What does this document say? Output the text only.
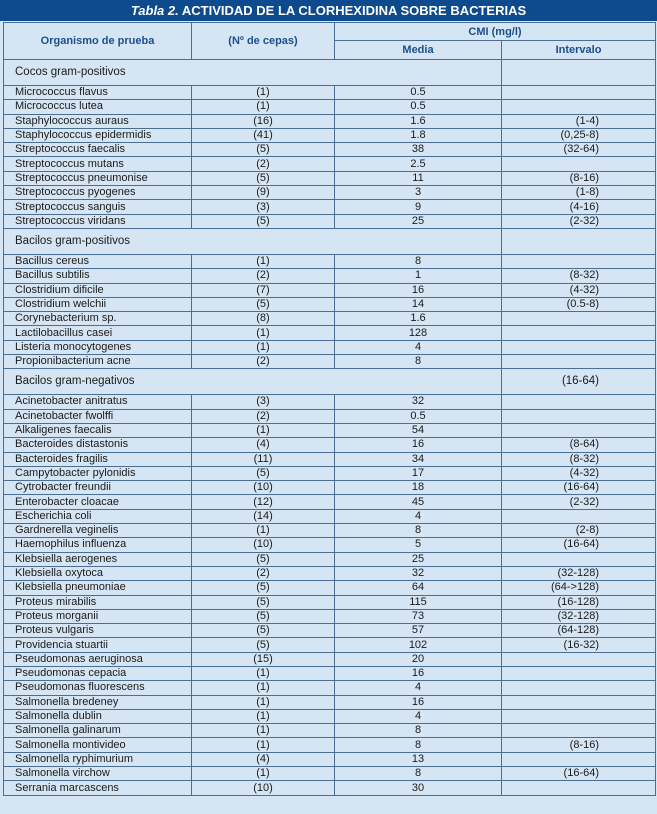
Tabla 2. ACTIVIDAD DE LA CLORHEXIDINA SOBRE BACTERIAS
Organismo de prueba	(Nº de cepas)	CMI (mg/l)	
		Media	Intervalo
Cocos gram-positivos			
Micrococcus flavus	(1)	0.5	
Micrococcus lutea	(1)	0.5	
Staphylococcus auraus	(16)	1.6	(1-4)
Staphylococcus epidermidis	(41)	1.8	(0,25-8)
Streptococcus faecalis	(5)	38	(32-64)
Streptococcus mutans	(2)	2.5	
Streptococcus pneumonise	(5)	11	(8-16)
Streptococcus pyogenes	(9)	3	(1-8)
Streptococcus sanguis	(3)	9	(4-16)
Streptococcus viridans	(5)	25	(2-32)
Bacilos gram-positivos			
Bacillus cereus	(1)	8	
Bacillus subtilis	(2)	1	(8-32)
Clostridium dificile	(7)	16	(4-32)
Clostridium welchii	(5)	14	(0.5-8)
Corynebacterium sp.	(8)	1.6	
Lactilobacillus casei	(1)	128	
Listeria monocytogenes	(1)	4	
Propionibacterium acne	(2)	8	
Bacilos gram-negativos			(16-64)
Acinetobacter anitratus	(3)	32	
Acinetobacter fwolffi	(2)	0.5	
Alkaligenes faecalis	(1)	54	
Bacteroides distastonis	(4)	16	(8-64)
Bacteroides fragilis	(11)	34	(8-32)
Campytobacter pylonidis	(5)	17	(4-32)
Cytrobacter freundii	(10)	18	(16-64)
Enterobacter cloacae	(12)	45	(2-32)
Escherichia coli	(14)	4	
Gardnerella veginelis	(1)	8	(2-8)
Haemophilus influenza	(10)	5	(16-64)
Klebsiella aerogenes	(5)	25	
Klebsiella oxytoca	(2)	32	(32-128)
Klebsiella pneumoniae	(5)	64	(64->128)
Proteus mirabilis	(5)	115	(16-128)
Proteus morganii	(5)	73	(32-128)
Proteus vulgaris	(5)	57	(64-128)
Providencia stuartii	(5)	102	(16-32)
Pseudomonas aeruginosa	(15)	20	
Pseudomonas cepacia	(1)	16	
Pseudomonas fluorescens	(1)	4	
Salmonella bredeney	(1)	16	
Salmonella dublin	(1)	4	
Salmonella galinarum	(1)	8	
Salmonella montivideo	(1)	8	(8-16)
Salmonella ryphimurium	(4)	13	
Salmonella virchow	(1)	8	(16-64)
Serrania marcascens	(10)	30	
